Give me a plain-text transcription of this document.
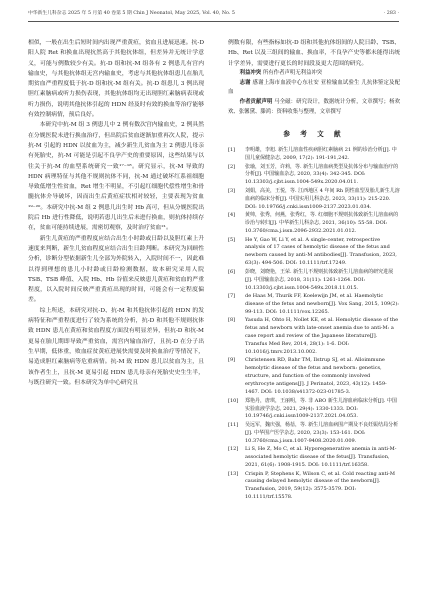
中华新生儿科杂志 2025 年 5 月第 40 卷第 5 期 Chin J Neonatol, May 2025, Vol. 40, No. 5	· 283 ·

相似，一般在出生后短时间内出现严重黄疸，贫血且进展迅速。抗-D 阳人院 Ret 和换血出现抗然高于其他抗体组，但差异并无统计学意义，可能与例数较少有关。抗-D 组和抗-M 组各有 2 例患儿有宫内输血史，与其他抗体组无宫内输血史，考虑与其他抗体组患儿在胎儿期贫血严重程度低于抗-D 组和抗-M 组有关。抗-D 组患儿 3 例出现胆红素脑病或听力损伤表现，其他抗体组均无出现胆红素脑病表现或听力损伤，说明其他抗体引起的 HDN 经及时有效的换血等治疗能够有效控制病情，预后良好。

本研究中抗-M 组 3 例患儿中 2 例有数次宫内输血史，2 例具然在分娩医院未进行换血治疗，但出院后贫血逐渐加重再次人院，提示抗-M 引起的 HDN 以贫血为主，减少新生儿贫血为主 2 例患儿母亲有死胎史，抗-M 可能是引起不良孕产史的重要原因，这些结果与以往关于抗-M 的血型系统研究一致¹⁷⁻¹⁸。研究显示，抗-M 导致的 HDN 病理特征与其他不规则抗体不同，抗-M 通过破坏红系祖细胞导致低增生性贫血，Ret 增生不明显，不引起红细胞代偿性增生和骨髓抗体介导破坏，因而出生后黄疸症状相对较轻，主要表现为贫血¹⁹⁻²⁰。本研究中抗-M 组 2 例患儿出生时 Hb 高可，但从分娩医院出院后 Hb 进行性降低，说明若患儿出生后未进行换血，则抗体持续存在，贫血可能持续进展，需密切观察，及时治疗贫血²¹。

新生儿黄疸的严重程度应结合出生小时龄或日龄以及胆红素上升速度来判断，新生儿贫血程度应结合出生日龄判断。本研究为回顾性分析，诊断分型依据新生儿全部为外院转入，入院时间不一，因此难以得到理想的患儿小时龄或日龄检测数据，故本研究采用人院 TSB、TSB 峰值、入院 Hb、Hb 谷值来反映患儿黄疸和贫血的严重程度，以入院时间反映严重黄疸出现的时间，可能会有一定程度偏差。

综上所述，本研究对抗-D、抗-M 和其他抗体引起的 HDN 的发病特征和严重程度进行了较为系统的分析，抗-D 和其他不规则抗体致 HDN 患儿在黄疸和贫血程度方面没有明显差异，但抗-D 和抗-M 更易在胎儿期即导致严重贫血，需宫内输血治疗，且抗-D 在分子出生早期，低体重，败血症贫黄疸进展快需要及时换血治疗等情况下，易造成胆红素脑病等危重病情。抗-M 致 HDN 患儿以贫血为主，且该作者生上，且抗-M 更易引起 HDN 患儿母亲有死胎史史生生半，与既往研究一致。但本研究为单中心研究且

例数有限，有些指标如抗-D 组和其他抗体组间的人院日龄、TSB、Hb、Ret 以及三组间的输血、换血率，不良孕产史等都未能得出统计学差异，需要进行更长的时间段及更大范围的研究。

利益冲突 所有作者声明无利益冲突

志谢 感谢上海市血液中心东社安 亚检输血试验生 儿抗体鉴定及配血

作者贡献声明 马全磁：研究设计，数据统计分析，文章撰写；杨欢欢、张馨黛、滕鸿：资料收集与整理，文章撰写

参 考 文 献
[1] 李明雄，李旭. 新生儿溶血性疾病胆红素脑病 21 例的诊治分析[J]. 中国儿童保健杂志, 2009, 17(2): 191-191,242.
[2] 张瑜，刘玉芳，许莉，等. 新生儿溶血病类型及抗体分布与输血治疗的分析[J]. 中国输血杂志, 2020, 33(4): 342-345. DOI: 10.13303/j.cjbt.issn.1004-549x.2020.04.011.
[3] 刘娟，高美，王悦，等. 江西地区 4 年间 Rh 阴性血型及胎儿新生儿溶血病的临床分析[J]. 中国实用儿科杂志, 2023, 33(11): 215-220. DOI: 10.19766/j.cnki.issn1009-2137.2023.01.034.
[4] 黄帅，张秀，何燕，张秀红，等. 红细胞不规则抗体致新生儿溶血病的诊治与转归[J]. 中华新生儿科杂志, 2021, 36(10): 55-58. DOI: 10.3760/cma.j.issn.2096-2932.2021.01.012.
[5] He Y, Gao W, Li Y, et al. A single-center, retrospective analysis of 17 cases of hemolytic disease of the fetus and newborn caused by anti-M antibodies[J]. Transfusion, 2023, 63(3): 494-506. DOI: 10.1111/trf.17249.
[6] 彭晓，刘晓艳，王荣. 新生儿不规则抗体致新生儿溶血病的研究进展[J]. 中国输血杂志, 2018, 31(11): 1261-1264. DOI: 10.13303/j.cjbt.issn.1004-549x.2018.11.015.
[7] de Haas M, Thurik FF, Koelewijn JM, et al. Haemolytic disease of the fetus and newborn[J]. Vox Sang, 2015, 109(2): 99-113. DOI: 10.1111/vox.12265.
[8] Yasuda H, Ohto H, Nollet KE, et al. Hemolytic disease of the fetus and newborn with late-onset anemia due to anti-M: a case report and review of the Japanese literature[J]. Transfus Med Rev, 2014, 28(1): 1-6. DOI: 10.1016/j.tmrv.2013.10.002.
[9] Christensen RD, Bahr TM, Ilstrup SJ, et al. Alloimmune hemolytic disease of the fetus and newborn: genetics, structure, and function of the commonly involved erythrocyte antigens[J]. J Perinatol, 2023, 43(12): 1459-1467. DOI: 10.1038/s41372-023-01785-3.
[10] 郑艳丹，唐琪，王丽明，等. 非 ABO 新生儿溶血病临床分析[J]. 中国实验血液学杂志, 2021, 29(4): 1330-1333. DOI: 10.19746/j.cnki.issn1009-2137.2021.04.053.
[11] 吴远军，魏庆强，杨蓓，等. 新生儿溶血病围产期及不良妊娠结局分析[J]. 中华围产医学杂志, 2020, 23(3): 153-161. DOI: 10.3760/cma.j.issn.1007-9408.2020.01.009.
[12] Li S, He Z, Mo C, et al. Hyporegenerative anemia in anti-M-associated hemolytic disease of the fetus[J]. Transfusion, 2021, 61(6): 1908-1915. DOI: 10.1111/trf.16358.
[13] Crispin P, Stephens K, Wilson C, et al. Cold reacting anti-M causing delayed hemolytic disease of the newborn[J]. Transfusion, 2019, 59(12): 3575-3579. DOI: 10.1111/trf.15578.
